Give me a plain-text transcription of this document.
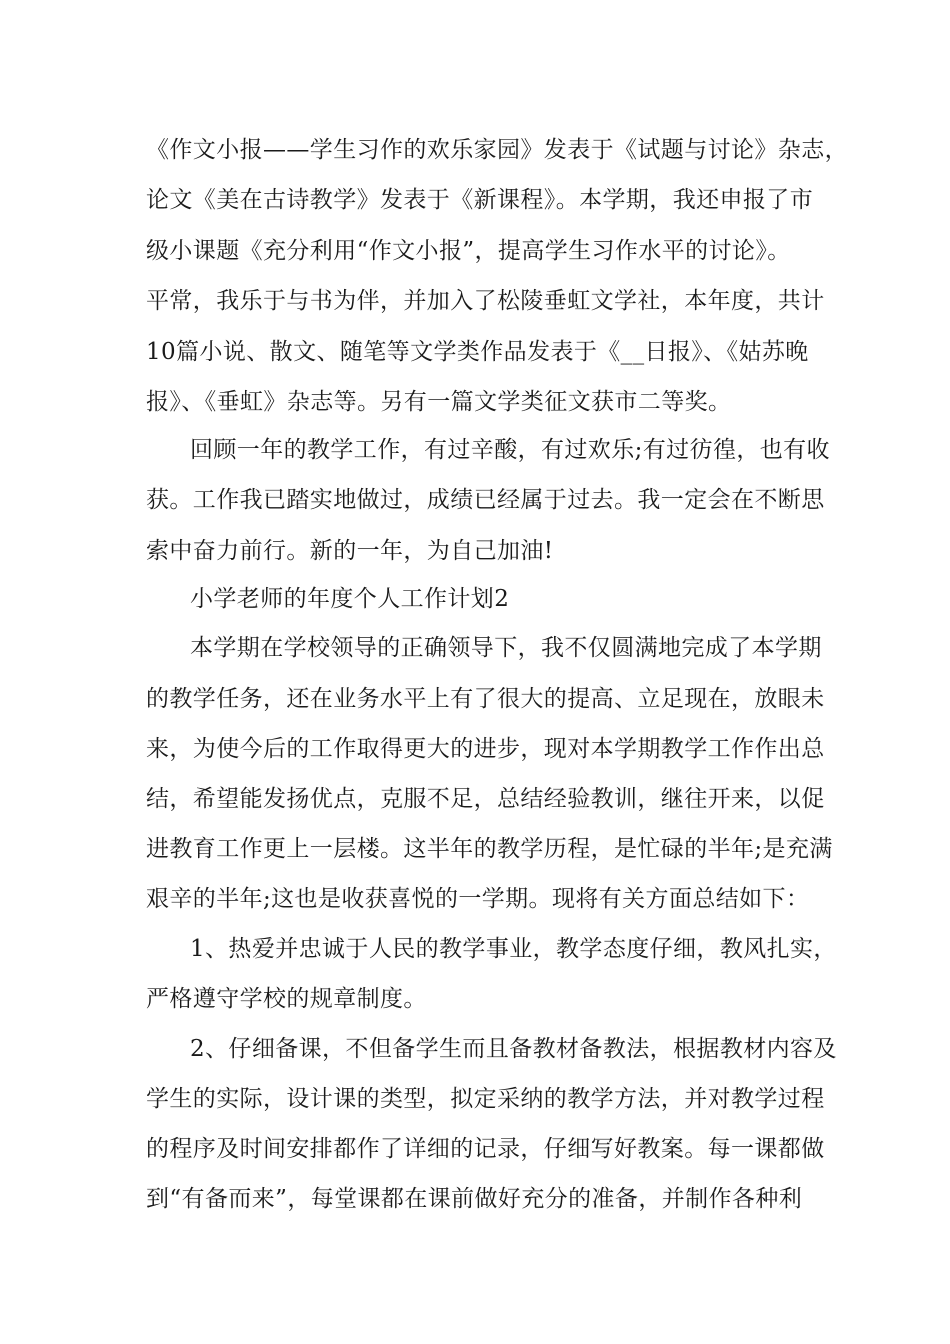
《作文小报——学生习作的欢乐家园》发表于《试题与讨论》杂志，
论文《美在古诗教学》发表于《新课程》。本学期，我还申报了市
级小课题《充分利用“作文小报”，提高学生习作水平的讨论》。
平常，我乐于与书为伴，并加入了松陵垂虹文学社，本年度，共计
10篇小说、散文、随笔等文学类作品发表于《__日报》、《姑苏晚
报》、《垂虹》杂志等。另有一篇文学类征文获市二等奖。
回顾一年的教学工作，有过辛酸，有过欢乐;有过彷徨，也有收
获。工作我已踏实地做过，成绩已经属于过去。我一定会在不断思
索中奋力前行。新的一年，为自己加油!
小学老师的年度个人工作计划2
本学期在学校领导的正确领导下，我不仅圆满地完成了本学期
的教学任务，还在业务水平上有了很大的提高、立足现在，放眼未
来，为使今后的工作取得更大的进步，现对本学期教学工作作出总
结，希望能发扬优点，克服不足，总结经验教训，继往开来，以促
进教育工作更上一层楼。这半年的教学历程，是忙碌的半年;是充满
艰辛的半年;这也是收获喜悦的一学期。现将有关方面总结如下：
1、热爱并忠诚于人民的教学事业，教学态度仔细，教风扎实，
严格遵守学校的规章制度。
2、仔细备课，不但备学生而且备教材备教法，根据教材内容及
学生的实际，设计课的类型，拟定采纳的教学方法，并对教学过程
的程序及时间安排都作了详细的记录，仔细写好教案。每一课都做
到“有备而来”，每堂课都在课前做好充分的准备，并制作各种利
